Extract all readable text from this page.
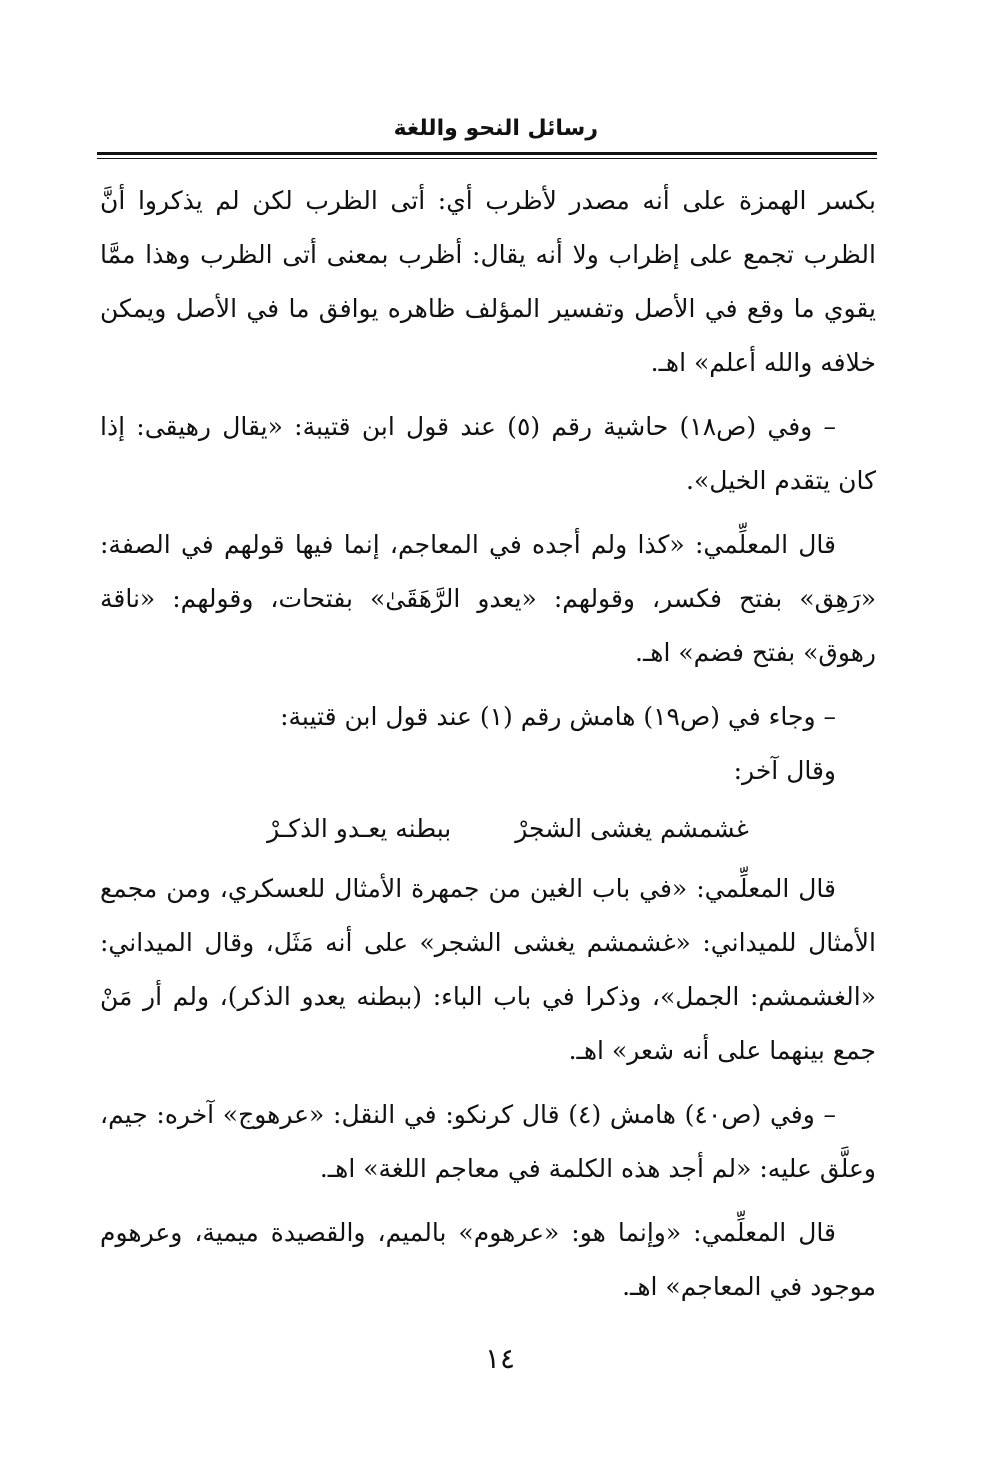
رسائل النحو واللغة

بكسر الهمزة على أنه مصدر لأظرب أي: أتى الظرب لكن لم يذكروا أنَّ الظرب تجمع على إظراب ولا أنه يقال: أظرب بمعنى أتى الظرب وهذا ممَّا يقوي ما وقع في الأصل وتفسير المؤلف ظاهره يوافق ما في الأصل ويمكن خلافه والله أعلم» اهـ.

– وفي (ص١٨) حاشية رقم (٥) عند قول ابن قتيبة: «يقال رهيقى: إذا كان يتقدم الخيل».

قال المعلِّمي: «كذا ولم أجده في المعاجم، إنما فيها قولهم في الصفة: «رَهِق» بفتح فكسر، وقولهم: «يعدو الرَّهَقَىٰ» بفتحات، وقولهم: «ناقة رهوق» بفتح فضم» اهـ.

– وجاء في (ص١٩) هامش رقم (١) عند قول ابن قتيبة:

وقال آخر:

غشمشم يغشى الشجرْ
ببطنه يعـدو الذكـرْ

قال المعلِّمي: «في باب الغين من جمهرة الأمثال للعسكري، ومن مجمع الأمثال للميداني: «غشمشم يغشى الشجر» على أنه مَثَل، وقال الميداني: «الغشمشم: الجمل»، وذكرا في باب الباء: (ببطنه يعدو الذكر)، ولم أر مَنْ جمع بينهما على أنه شعر» اهـ.

– وفي (ص٤٠) هامش (٤) قال كرنكو: في النقل: «عرهوج» آخره: جيم، وعلَّق عليه: «لم أجد هذه الكلمة في معاجم اللغة» اهـ.

قال المعلِّمي: «وإنما هو: «عرهوم» بالميم، والقصيدة ميمية، وعرهوم موجود في المعاجم» اهـ.

١٤
